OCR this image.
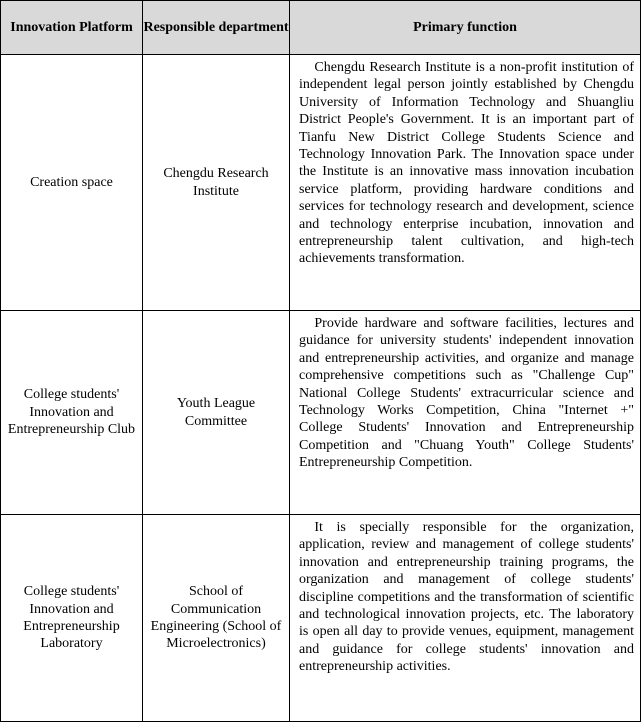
Innovation Platform	Responsible department	Primary function
Creation space	Chengdu Research Institute	Chengdu Research Institute is a non-profit institution of independent legal person jointly established by Chengdu University of Information Technology and Shuangliu District People's Government. It is an important part of Tianfu New District College Students Science and Technology Innovation Park. The Innovation space under the Institute is an innovative mass innovation incubation service platform, providing hardware conditions and services for technology research and development, science and technology enterprise incubation, innovation and entrepreneurship talent cultivation, and high-tech achievements transformation.

College students' Innovation and Entrepreneurship Club	Youth League Committee	Provide hardware and software facilities, lectures and guidance for university students' independent innovation and entrepreneurship activities, and organize and manage comprehensive competitions such as "Challenge Cup" National College Students' extracurricular science and Technology Works Competition, China "Internet +" College Students' Innovation and Entrepreneurship Competition and "Chuang Youth" College Students' Entrepreneurship Competition.

College students' Innovation and Entrepreneurship Laboratory	School of Communication Engineering (School of Microelectronics)	It is specially responsible for the organization, application, review and management of college students' innovation and entrepreneurship training programs, the organization and management of college students' discipline competitions and the transformation of scientific and technological innovation projects, etc. The laboratory is open all day to provide venues, equipment, management and guidance for college students' innovation and entrepreneurship activities.
